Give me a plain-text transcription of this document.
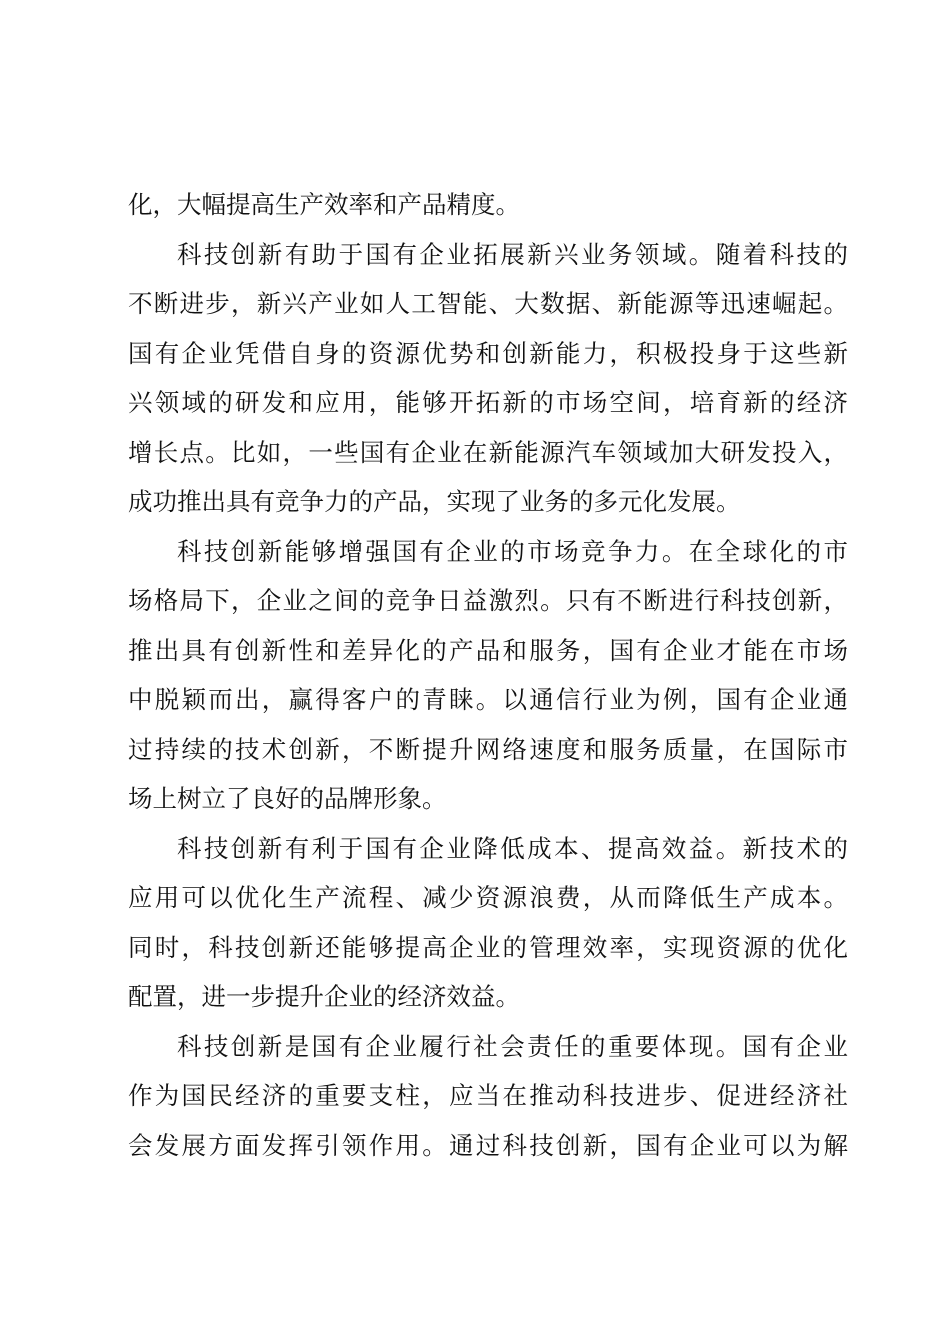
化，大幅提高生产效率和产品精度。
科技创新有助于国有企业拓展新兴业务领域。随着科技的
不断进步，新兴产业如人工智能、大数据、新能源等迅速崛起。
国有企业凭借自身的资源优势和创新能力，积极投身于这些新
兴领域的研发和应用，能够开拓新的市场空间，培育新的经济
增长点。比如，一些国有企业在新能源汽车领域加大研发投入，
成功推出具有竞争力的产品，实现了业务的多元化发展。
科技创新能够增强国有企业的市场竞争力。在全球化的市
场格局下，企业之间的竞争日益激烈。只有不断进行科技创新，
推出具有创新性和差异化的产品和服务，国有企业才能在市场
中脱颖而出，赢得客户的青睐。以通信行业为例，国有企业通
过持续的技术创新，不断提升网络速度和服务质量，在国际市
场上树立了良好的品牌形象。
科技创新有利于国有企业降低成本、提高效益。新技术的
应用可以优化生产流程、减少资源浪费，从而降低生产成本。
同时，科技创新还能够提高企业的管理效率，实现资源的优化
配置，进一步提升企业的经济效益。
科技创新是国有企业履行社会责任的重要体现。国有企业
作为国民经济的重要支柱，应当在推动科技进步、促进经济社
会发展方面发挥引领作用。通过科技创新，国有企业可以为解
